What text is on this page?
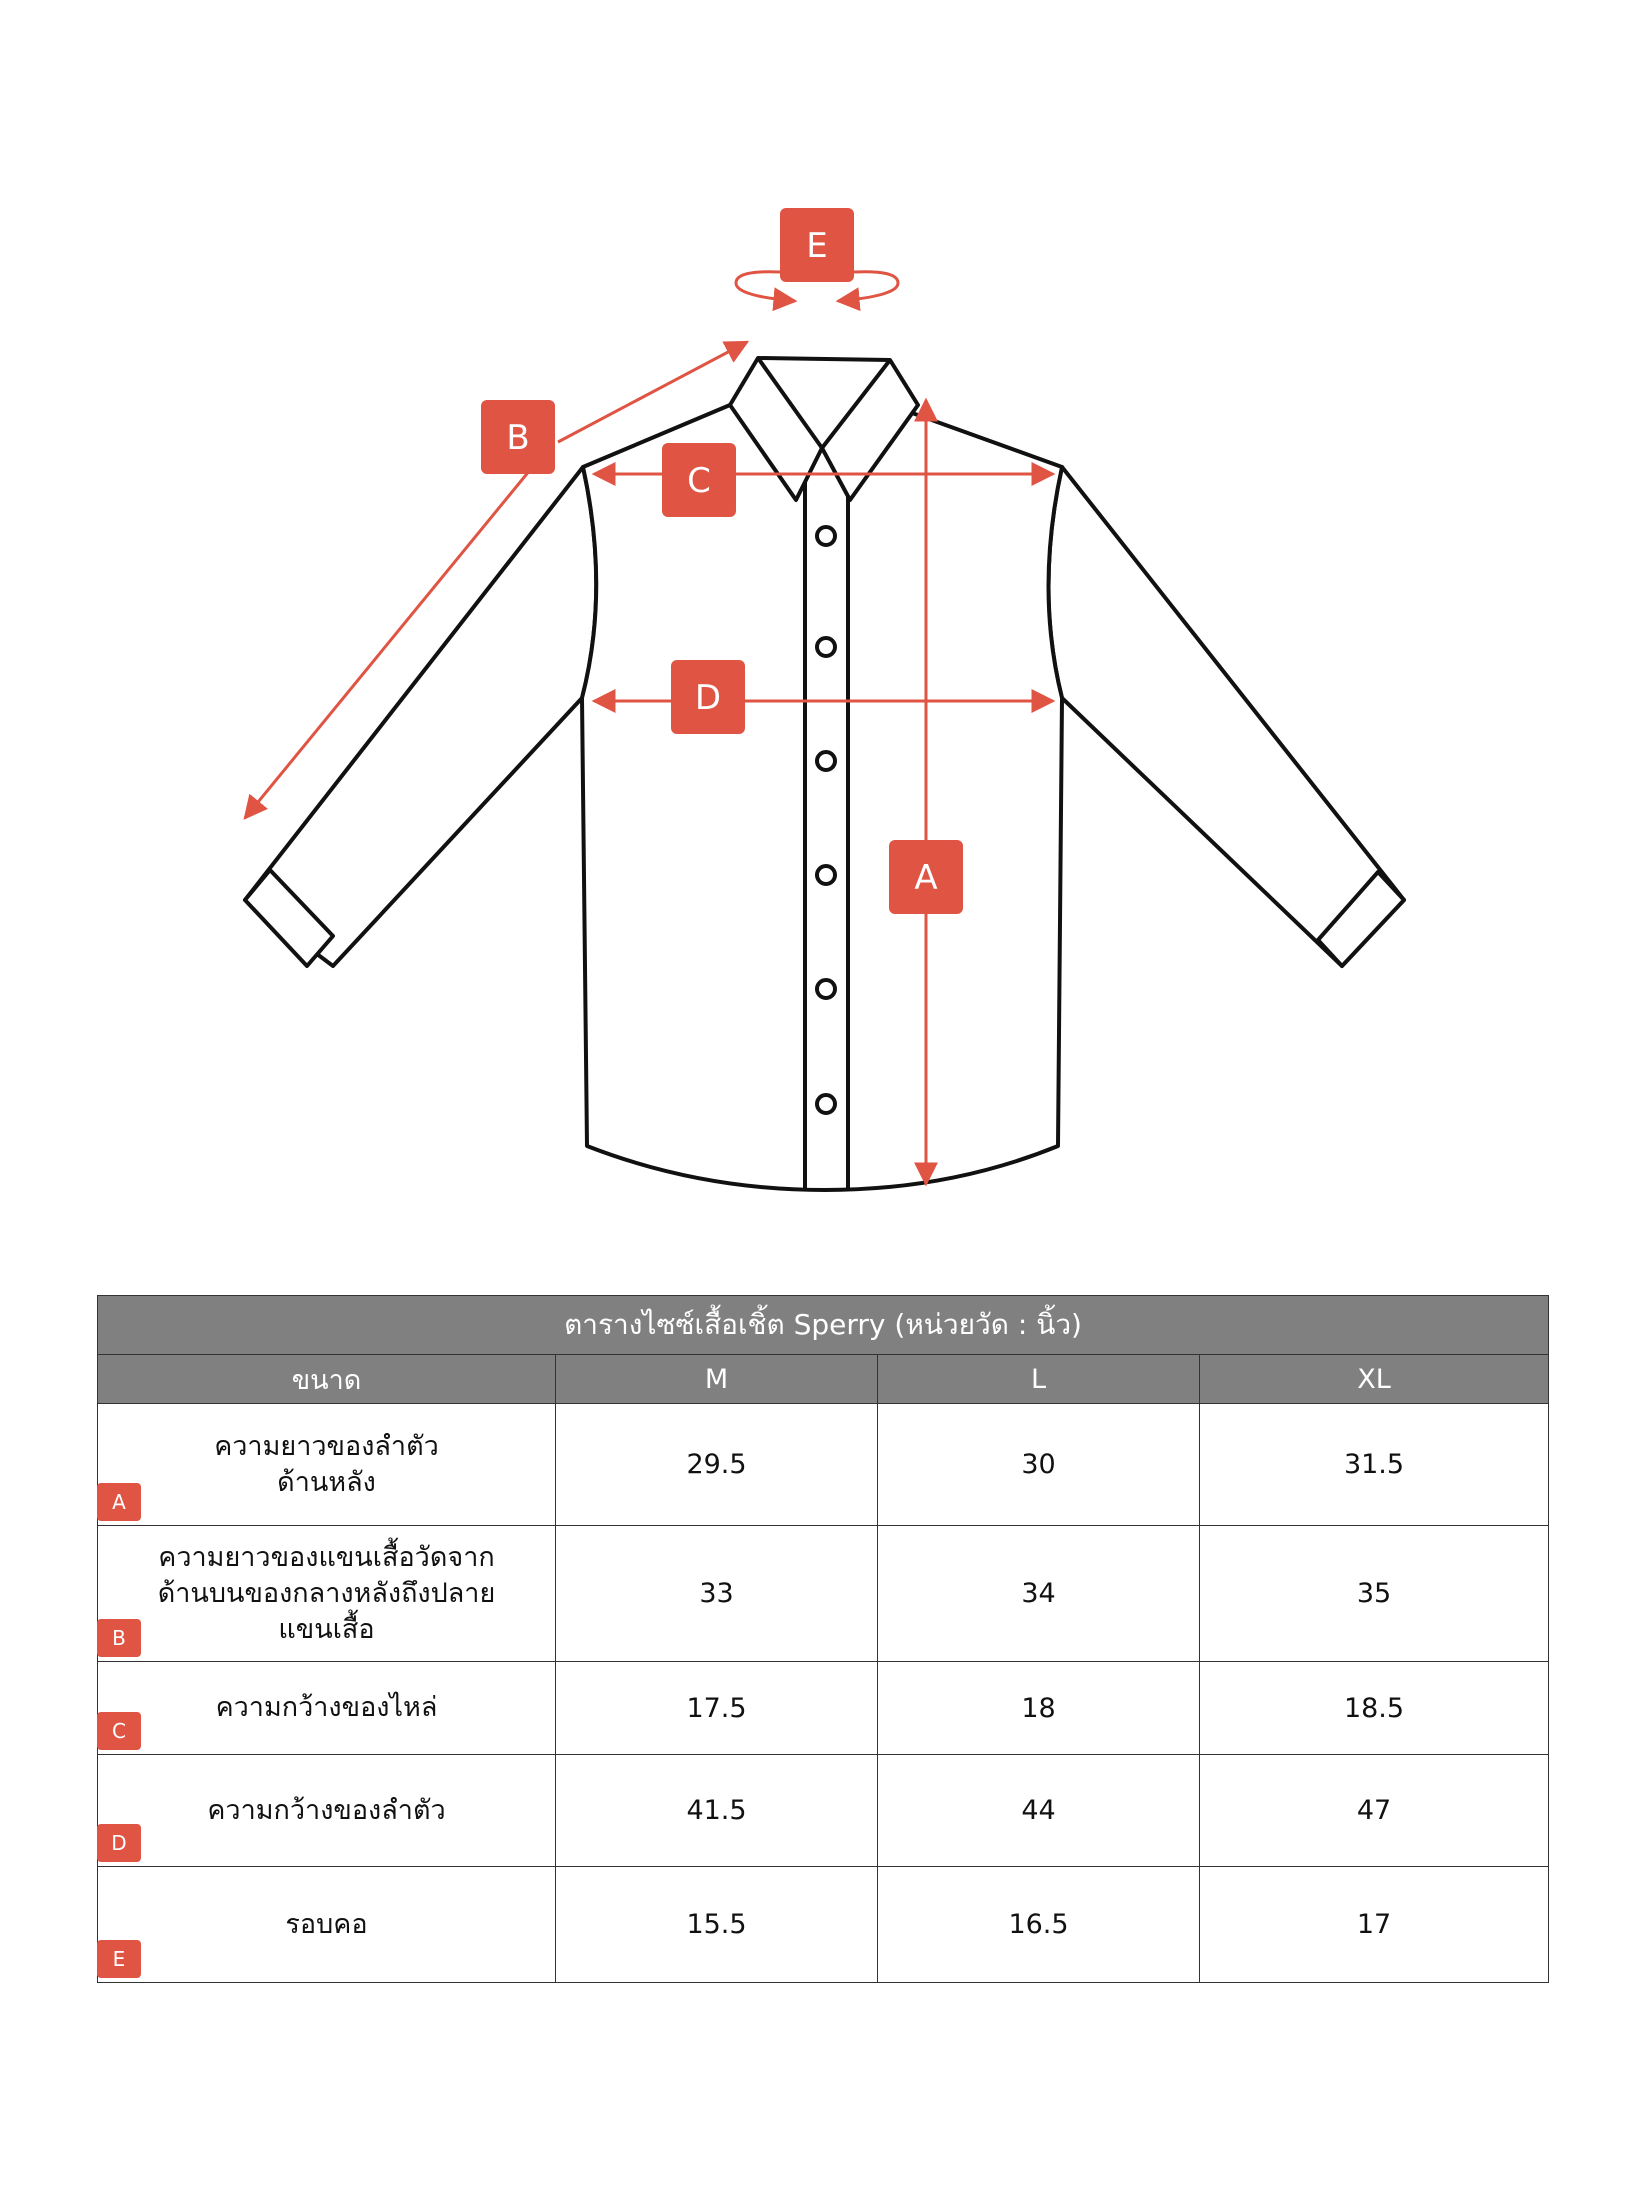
E
B
C
D
A
ตารางไซซ์เสื้อเชิ้ต Sperry (หน่วยวัด : นิ้ว)			
ขนาด	M	L	XL

ความยาวของลำตัว
ด้านหลัง
A	29.5	30	31.5

ความยาวของแขนเสื้อวัดจาก
ด้านบนของกลางหลังถึงปลาย
แขนเสื้อ
B	33	34	35

ความกว้างของไหล่
C	17.5	18	18.5

ความกว้างของลำตัว
D	41.5	44	47

รอบคอ
E	15.5	16.5	17
